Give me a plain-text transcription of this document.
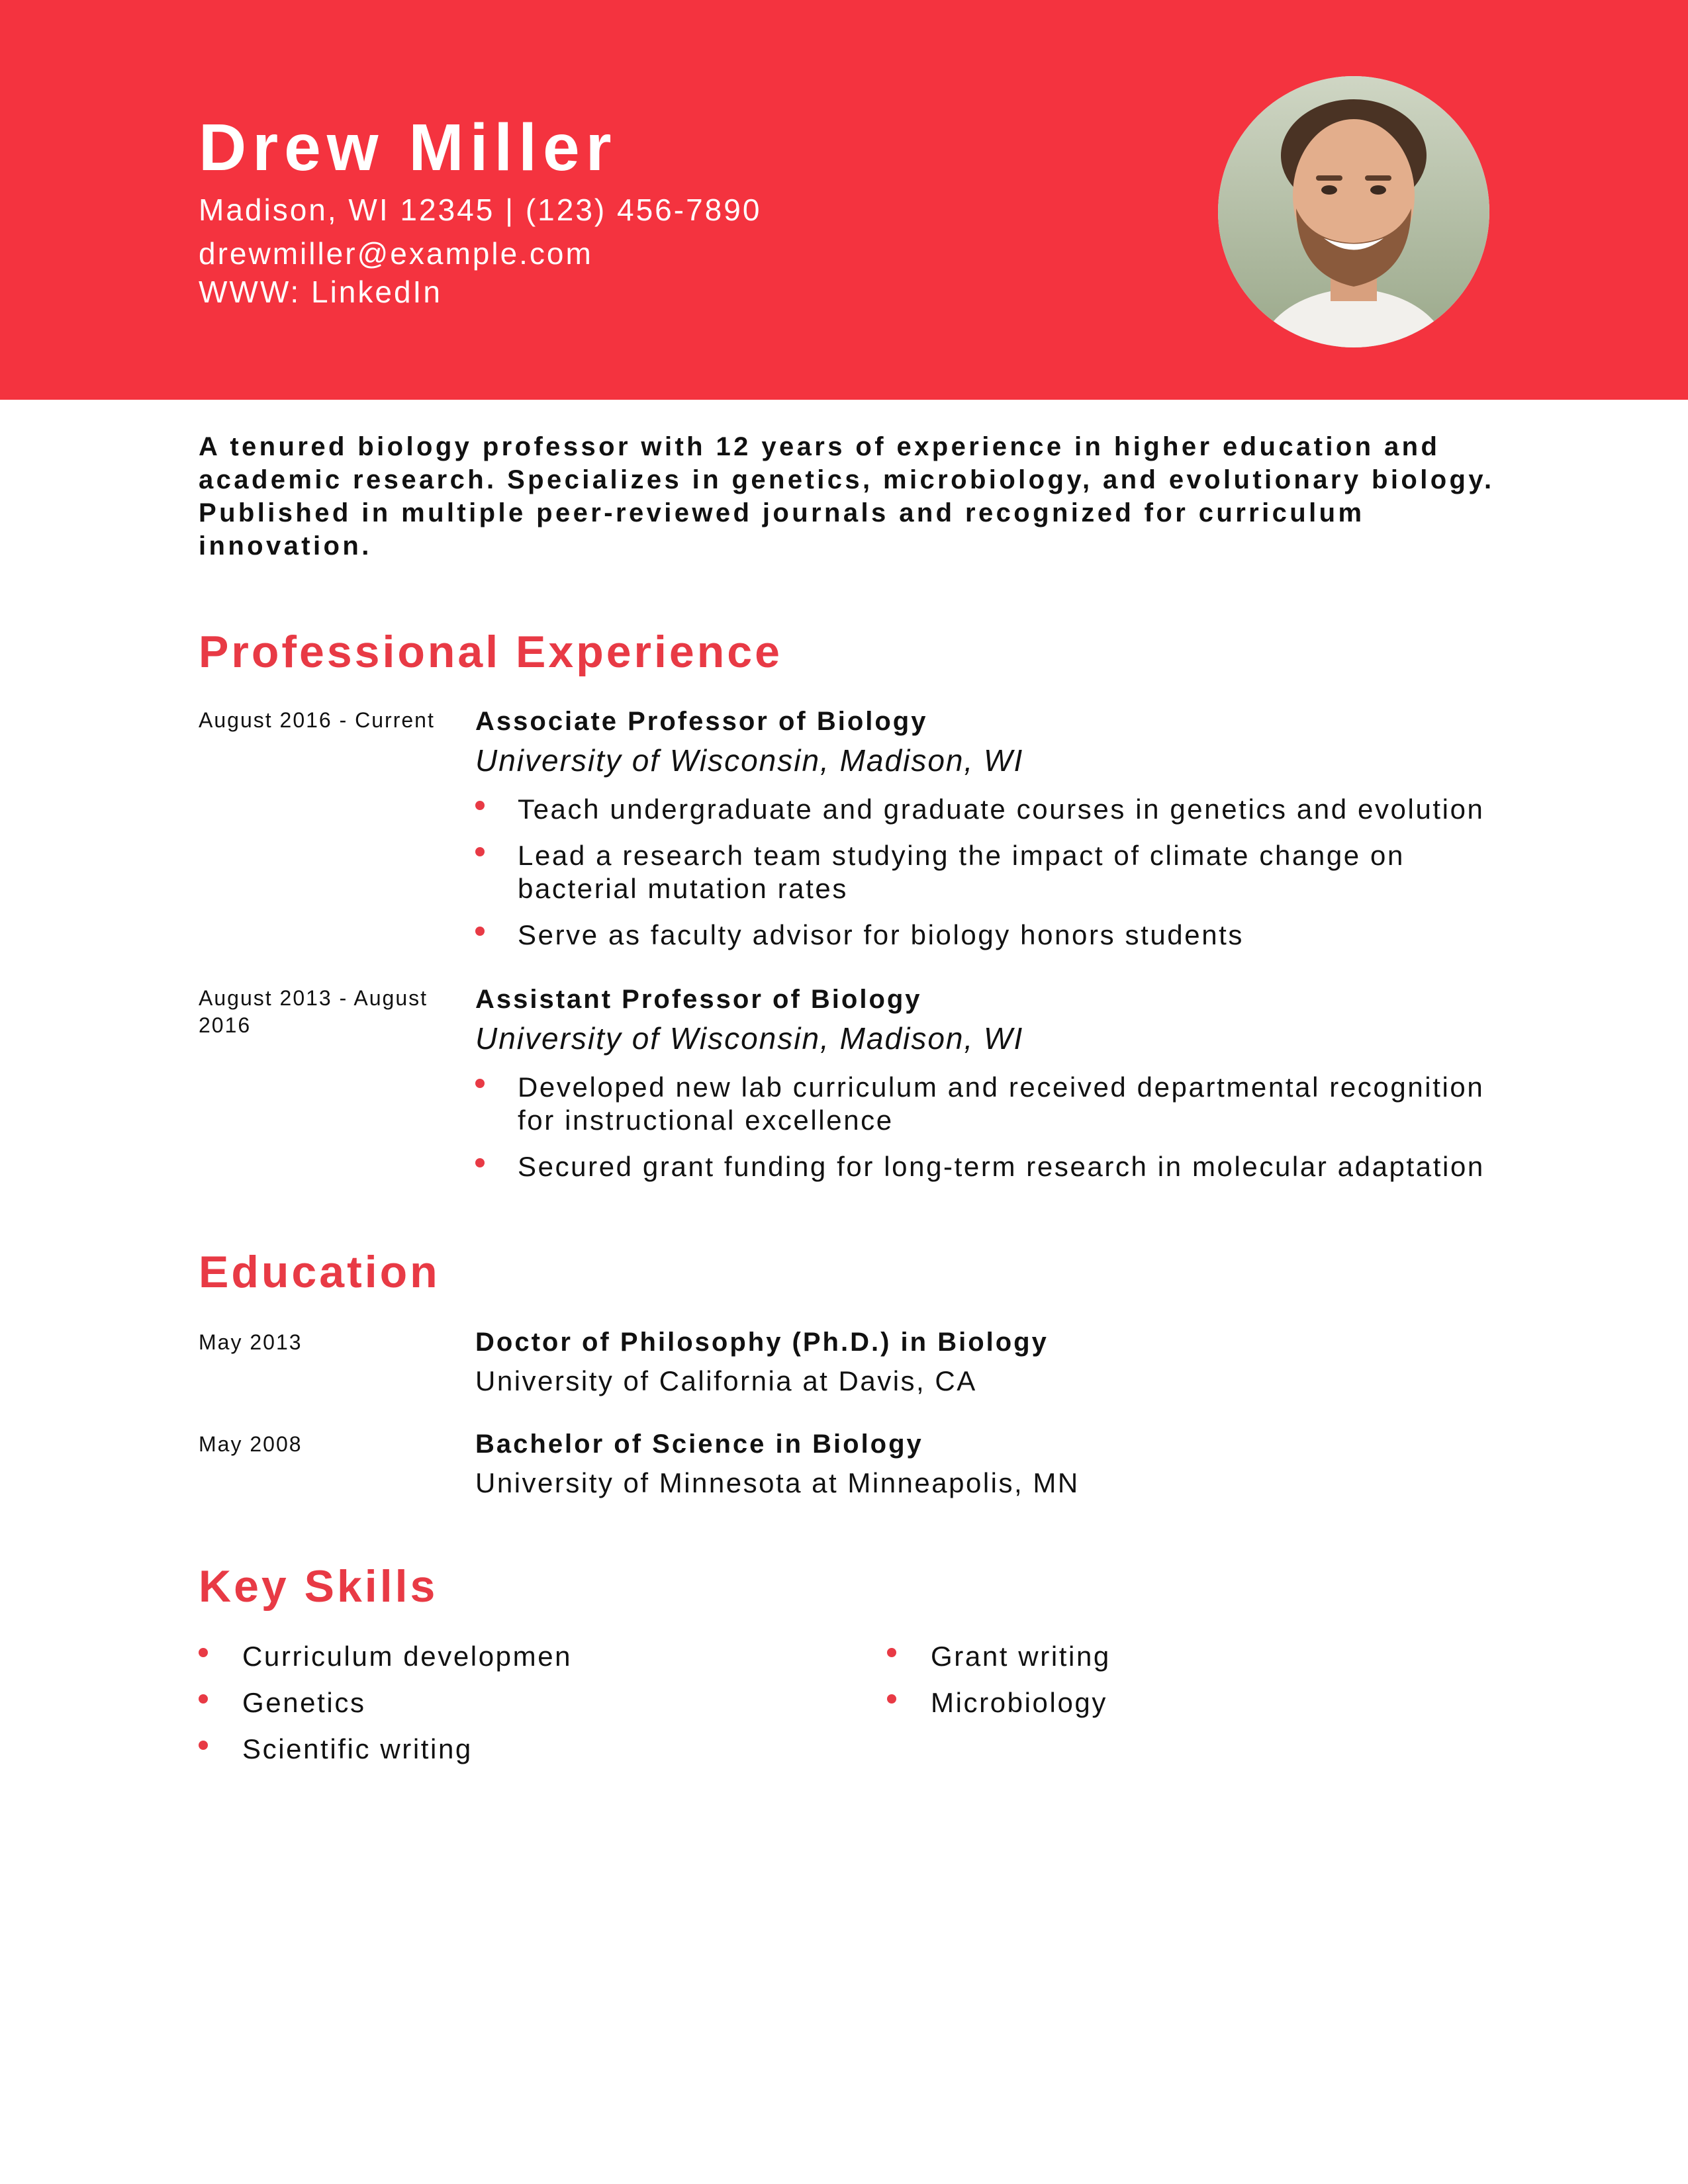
Drew Miller
Madison, WI 12345 | (123) 456-7890
drewmiller@example.com
WWW: LinkedIn
A tenured biology professor with 12 years of experience in higher education and academic research. Specializes in genetics, microbiology, and evolutionary biology. Published in multiple peer-reviewed journals and recognized for curriculum innovation.
Professional Experience
August 2016 - Current Associate Professor of Biology
University of Wisconsin, Madison, WI
Teach undergraduate and graduate courses in genetics and evolution
Lead a research team studying the impact of climate change on bacterial mutation rates
Serve as faculty advisor for biology honors students
August 2013 - August 2016
Assistant Professor of Biology
University of Wisconsin, Madison, WI
Developed new lab curriculum and received departmental recognition for instructional excellence
Secured grant funding for long-term research in molecular adaptation
Education
May 2013	Doctor of Philosophy (Ph.D.) in Biology
University of California at Davis, CA
May 2008	Bachelor of Science in Biology
University of Minnesota at Minneapolis, MN
Key Skills
Curriculum developmen
Genetics
Scientific writing
Grant writing
Microbiology
